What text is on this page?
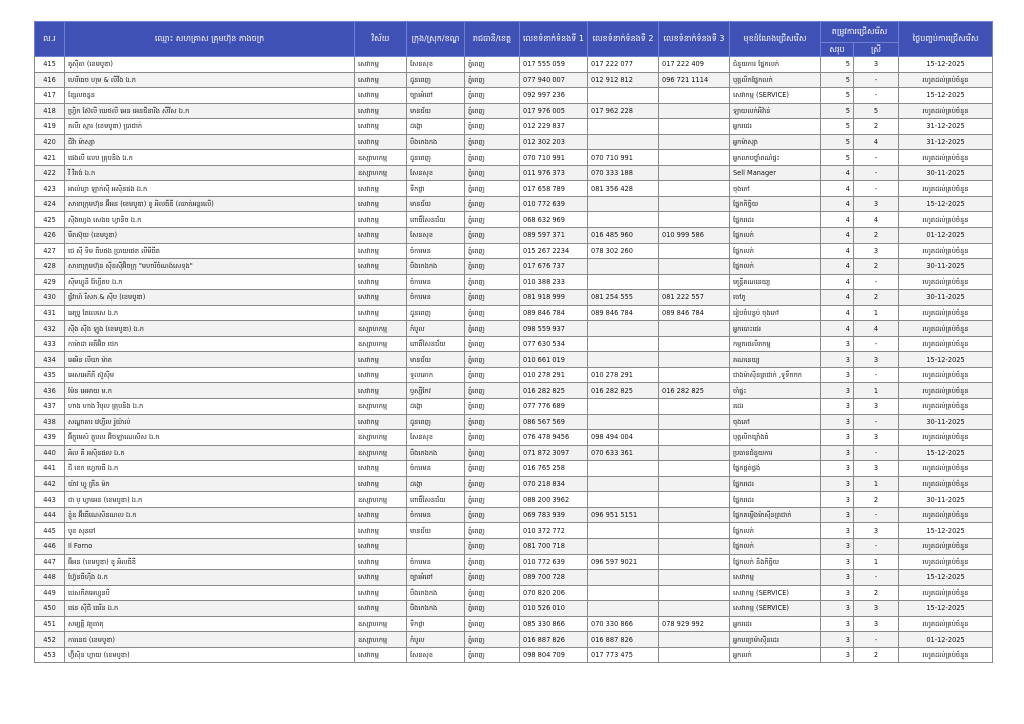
ល.រ	ឈ្មោះ សហគ្រាស គ្រុមហ៊ុន ភាងចក្រ	វិស័យ	ក្រុង/ស្រុក/ខណ្ឌ	រាជធានី/ខេត្ត	លេខទំនាក់ទំនងទី 1	លេខទំនាក់ទំនងទី 2	លេខទំនាក់ទំនងទី 3	មុខដំណែងជ្រើសរើស	តម្រូវការជ្រើសរើស		ថ្ងៃបញ្ចប់ការជ្រើសរើស
									សរុប	ស្រី	
415	គូស៊ីតា (ខេមបូឌា)	សេវាកម្ម	សែនសុខ	ភ្នំពេញ	017 555 059	017 222 077	017 222 409	ជំនួយការ ផ្នែកលក់	5	3	15-12-2025
416	ហេរីធេច ហុម & លីវីង ឯ.ក	សេវាកម្ម	ដូនពេញ	ភ្នំពេញ	077 940 007	012 912 812	096 721 1114	បុគ្គលិកផ្នែកលក់	5	-	រហូតដល់គ្រប់ចំនួន
417	ខ្សែលចន្ទន	សេវាកម្ម	ច្បារអំពៅ	ភ្នំពេញ	092 997 236			សេវាកម្ម (SERVICE)	5	-	15-12-2025
418	ហ្វ្រិក ស៊ែលឺ ឃេថលី អេន អេនជីនារីង សឺវីស ឯ.ក	សេវាកម្ម	មានជ័យ	ភ្នំពេញ	017 976 005	017 962 228		ឡាយលក់អីវ៉ាន់	5	5	រហូតដល់គ្រប់ចំនួន
419	គលីរ ស្មារ (ខេមបូឌា) ប្រាជាក់	សេវាកម្ម	ដង្កោ	ភ្នំពេញ	012 229 837			អ្នករដេរ	5	2	31-12-2025
420	ជីវ៉ា ម៉ាស្សា	សេវាកម្ម	បឹងកេងកង	ភ្នំពេញ	012 302 203			អ្នកម៉ាស្សា	5	4	31-12-2025
421	ផេងលី លេប គ្រុបនិង ឯ.ក	ឧស្សាហកម្ម	ដូនពេញ	ភ្នំពេញ	070 710 991	070 710 991		អ្នកលាបថ្នាំពណ៌ផ្ទះ	5	-	រហូតដល់គ្រប់ចំនួន
422	វី វីតង់ ឯ.ក	ឧស្សាហកម្ម	សែនសុខ	ភ្នំពេញ	011 976 373	070 333 188		Sell Manager	4	-	30-11-2025
423	អាល់ហ្វា ឡាក់ស៊ី អស៊ិនផង ឯ.ក	សេវាកម្ម	ទឹកថ្លា	ភ្នំពេញ	017 658 789	081 356 428		ចុងភៅ	4	-	រហូតដល់គ្រប់ចំនួន
424	សាខាក្រុមហ៊ុន អ៊ីអន (ខេមបូឌា) ខូ អិលធីឌី (ឈាក់អន្តរលើ)	សេវាកម្ម	មានជ័យ	ភ្នំពេញ	010 772 639			ផ្នែកកិច្ចិយ	4	3	15-12-2025
425	ស៊ីងហ្វេង សេងធ ហ្វានិច ឯ.ក	សេវាកម្ម	ពោធិ៍សែនជ័យ	ភ្នំពេញ	068 632 969			ផ្នែករដេរ	4	4	រហូតដល់គ្រប់ចំនួន
426	មីតស៊ុយ (ខេមបូឌា)	សេវាកម្ម	សែនសុខ	ភ្នំពេញ	089 597 371	016 485 960	010 999 586	ផ្នែកលក់	4	2	01-12-2025
427	ជេ ស៊ី ទិម ធីបផង ប្រាយផេត លីមីធីត	សេវាកម្ម	ចំការមន	ភ្នំពេញ	015 267 2234	078 302 260		ផ្នែកលក់	4	3	រហូតដល់គ្រប់ចំនួន
428	សាខាក្រុមហ៊ុន ស៊ីនស៊ីអ៊ិចក្រុ "មហារីចំណង់សេទុង"	សេវាកម្ម	បឹងកេងកង	ភ្នំពេញ	017 676 737			ផ្នែកលក់	4	2	30-11-2025
429	ស៊ីមហ្វូនី រ៉ែហ្វីតប ឯ.ក	សេវាកម្ម	ចំការមន	ភ្នំពេញ	010 388 233			មន្ត្រីគណនេយ្យ	4	-	រហូតដល់គ្រប់ចំនួន
430	ផ្ទ័វាហ៍ រីសក & ស៊ីប (ខេមបូឌា)	សេវាកម្ម	ចំការមន	ភ្នំពេញ	081 918 999	081 254 555	081 222 557	ចៅភូ	4	2	30-11-2025
431	អេប្រូ តែលេសេ ឯ.ក	សេវាកម្ម	ដូនពេញ	ភ្នំពេញ	089 846 784	089 846 784	089 846 784	រៀបចំបន្ទប់ ចុងភៅ	4	1	រហូតដល់គ្រប់ចំនួន
432	ស៊ីង ស៊ីង ឡូង (ខេមបូឌា) ឯ.ក	ឧស្សាហកម្ម	កំបូល	ភ្នំពេញ	098 559 937			អ្នកបោះផេរ	4	4	រហូតដល់គ្រប់ចំនួន
433	កាម៉ាដា អគីអ៊ិច ថេក	ឧស្សាហកម្ម	ពោធិ៍សែនជ័យ	ភ្នំពេញ	077 630 534			កម្មករផលិតកម្ម	3	-	រហូតដល់គ្រប់ចំនួន
434	អេអិន លីឃា ម៉ាត	សេវាកម្ម	មានជ័យ	ភ្នំពេញ	010 661 019			គណនេយ្យ	3	3	15-12-2025
435	អេសអេភីភី ស៊ូស៊ីម	សេវាកម្ម	ទួលគោក	ភ្នំពេញ	010 278 291	010 278 291		ជាងម៉ាស៊ីនត្រជាក់ ,ទូទឹកកក	3	-	រហូតដល់គ្រប់ចំនួន
436	ម៉ែន អេអាយ ម.ក	សេវាកម្ម	ឫស្សីកែវ	ភ្នំពេញ	016 282 825	016 282 825	016 282 825	ចាំផ្ទះ	3	1	រហូតដល់គ្រប់ចំនួន
437	ហាង ហាង វិបុល គ្រុបនិង ឯ.ក	ឧស្សាហកម្ម	ដង្កោ	ភ្នំពេញ	077 776 689			រដេរ	3	3	រហូតដល់គ្រប់ចំនួន
438	សណ្ឋាគារ វេហ្វីល រ៉ូយ៉ាល់	សេវាកម្ម	ដូនពេញ	ភ្នំពេញ	086 567 569			ចុងភៅ	3	-	30-11-2025
439	អ៊ីក្លូមេស៍ គ្លូបល អ៊ិចឡាណេសិស ឯ.ក	ឧស្សាហកម្ម	សែនសុខ	ភ្នំពេញ	076 478 9456	098 494 004		បុគ្គលិកឃ្លាំងធំ	3	3	រហូតដល់គ្រប់ចំនួន
440	អិល គី អស៊ិនផល ឯ.ក	ឧស្សាហកម្ម	បឹងកេងកង	ភ្នំពេញ	071 872 3097	070 633 361		ប្រធានជំនួយការ	3	-	15-12-2025
441	ជី ខេក ហ្វេករធី ឯ.ក	សេវាកម្ម	ចំការមន	ភ្នំពេញ	016 765 258			ផ្នែកផ្គត់ផ្គង់	3	3	រហូតដល់គ្រប់ចំនួន
442	យ៉ាវ ហ្វូ គ្រីន ម៉ក	សេវាកម្ម	ដង្កោ	ភ្នំពេញ	070 218 834			ផ្នែករដេរ	3	1	រហូតដល់គ្រប់ចំនួន
443	ជា ប្ ហ្វាអេន (ខេមបូឌា) ឯ.ក	ឧស្សាហកម្ម	ពោធិ៍សែនជ័យ	ភ្នំពេញ	088 200 3962			ផ្នែករដេរ	3	2	30-11-2025
444	ខ្ញុំឧ អ៊ីធើណេសិនណល ឯ.ក	សេវាកម្ម	ចំការមន	ភ្នំពេញ	069 783 939	096 951 5151		ផ្នែកតម្លើងម៉ាស៊ីនត្រជាក់	3	-	រហូតដល់គ្រប់ចំនួន
445	បូខ សុនរៅ	សេវាកម្ម	មានជ័យ	ភ្នំពេញ	010 372 772			ផ្នែកលក់	3	3	15-12-2025
446	Il Forno	សេវាកម្ម		ភ្នំពេញ	081 700 718			ផ្នែកលក់	3	-	រហូតដល់គ្រប់ចំនួន
447	អ៊ីអន (ខេមបូឌា) ខូ អិលធីឌី	សេវាកម្ម	ចំការមន	ភ្នំពេញ	010 772 639	096 597 9021		ផ្នែកលក់ និងកិច្ចិយ	3	1	រហូតដល់គ្រប់ចំនួន
448	ហ្វ៊ែនធីហ៊ីង ឯ.ក	សេវាកម្ម	ច្បារអំពៅ	ភ្នំពេញ	089 700 728			សេវាកម្ម	3	-	15-12-2025
449	បេសកីតអេហ្វុនបី	សេវាកម្ម	បឹងកេងកង	ភ្នំពេញ	070 820 206			សេវាកម្ម (SERVICE)	3	2	រហូតដល់គ្រប់ចំនួន
450	ផេន ស៊ីជី ធេរីន ឯ.ក	សេវាកម្ម	បឹងកេងកង	ភ្នំពេញ	010 526 010			សេវាកម្ម (SERVICE)	3	3	15-12-2025
451	សម្បត្តិ វត្ថុធាតុ	ឧស្សាហកម្ម	ទឹកថ្លា	ភ្នំពេញ	085 330 866	070 330 866	078 929 992	អ្នករដេរ	3	3	រហូតដល់គ្រប់ចំនួន
452	ការនេជ (ខេមបូឌា)	ឧស្សាហកម្ម	កំបូល	ភ្នំពេញ	016 887 826	016 887 826		អ្នកបញ្ជាម៉ាស៊ីនដេរ	3	-	01-12-2025
453	ហ្វ៊ីស៊ិន ហ្វាយ (ខេមបូឌា)	សេវាកម្ម	សែនសុខ	ភ្នំពេញ	098 804 709	017 773 475		អ្នកលក់	3	2	រហូតដល់គ្រប់ចំនួន
